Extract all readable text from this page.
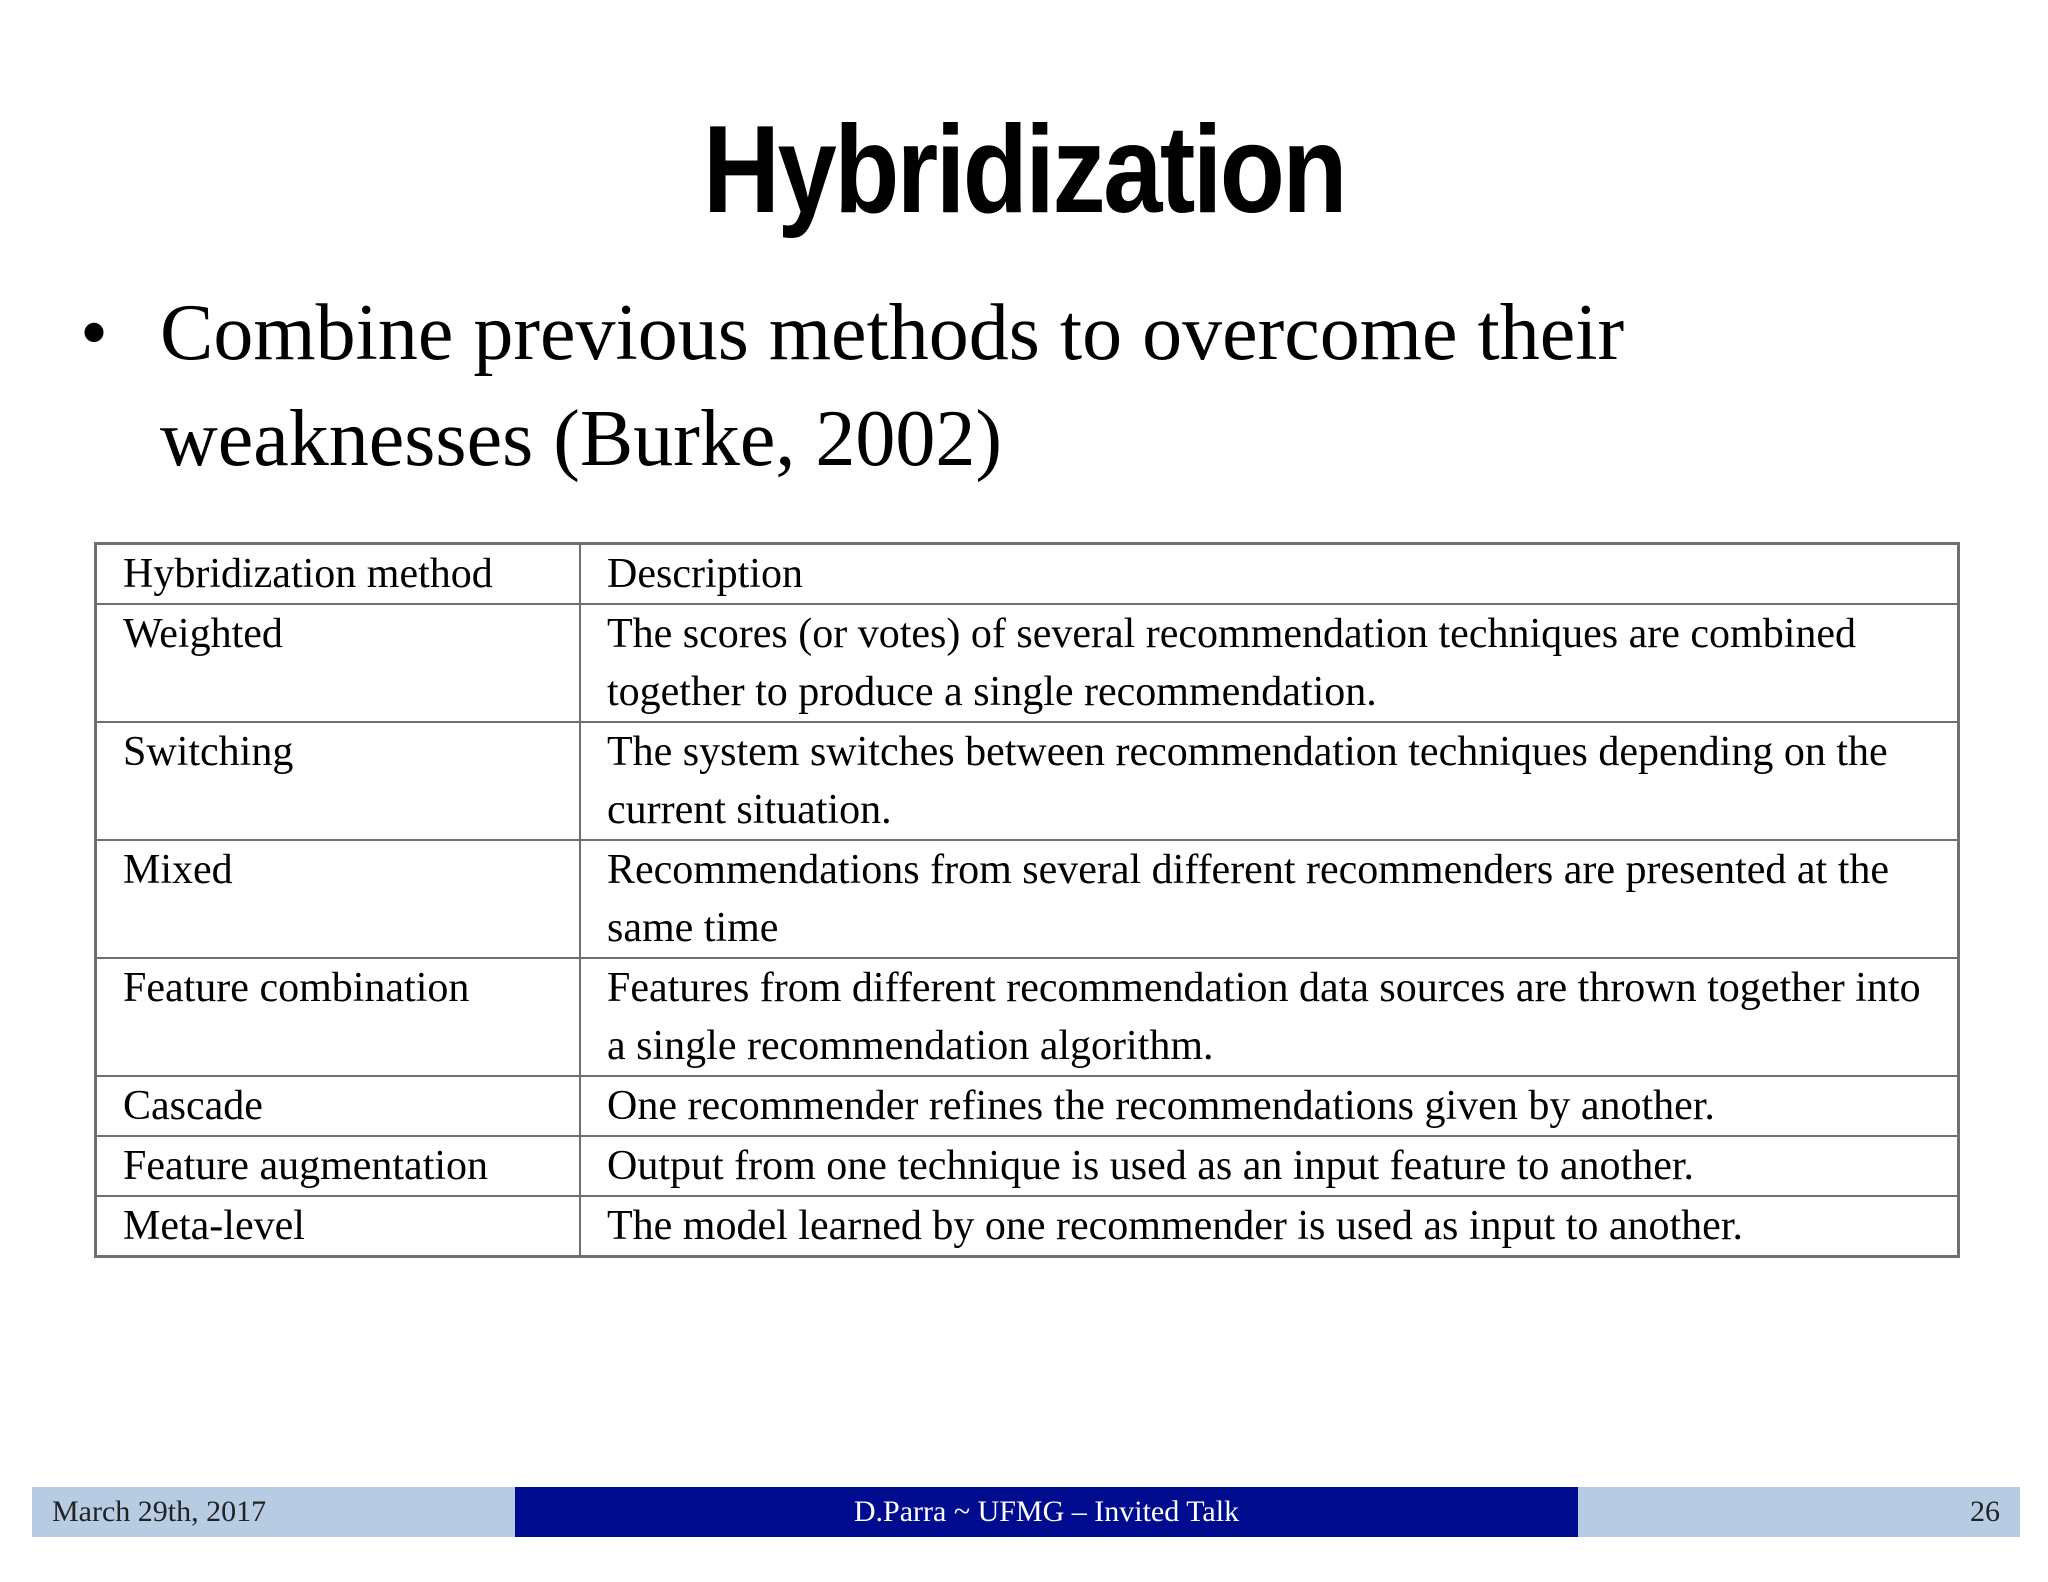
Hybridization
• Combine previous methods to overcome their weaknesses (Burke, 2002)
Hybridization method	Description
Weighted	The scores (or votes) of several recommendation techniques are combined together to produce a single recommendation.
Switching	The system switches between recommendation techniques depending on the current situation.
Mixed	Recommendations from several different recommenders are presented at the same time
Feature combination	Features from different recommendation data sources are thrown together into a single recommendation algorithm.
Cascade	One recommender refines the recommendations given by another.
Feature augmentation	Output from one technique is used as an input feature to another.
Meta-level	The model learned by one recommender is used as input to another.
March 29th, 2017	D.Parra ~ UFMG – Invited Talk	26
